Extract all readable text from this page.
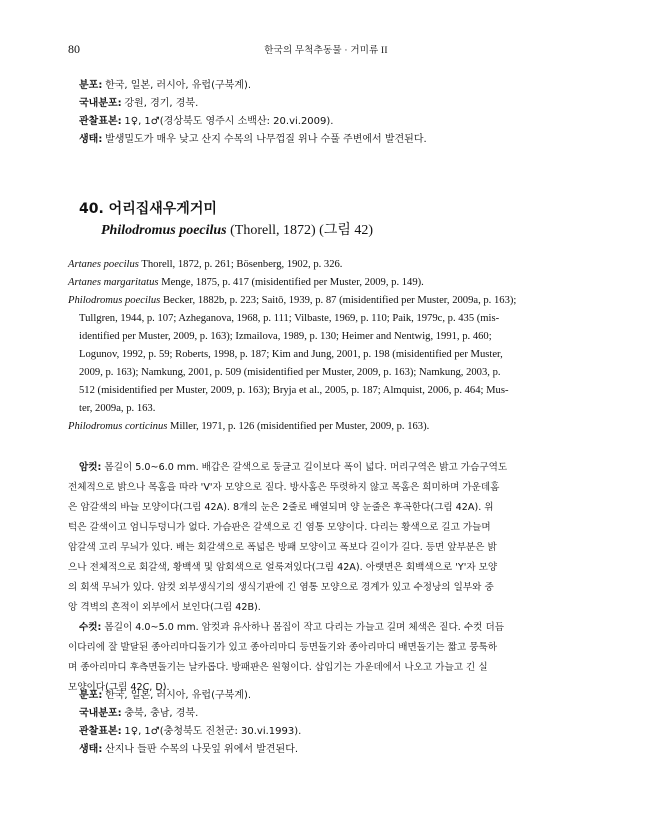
80	한국의 무척추동물 · 거미류 II
분포: 한국, 일본, 러시아, 유럽(구북계).
국내분포: 강원, 경기, 경북.
관찰표본: 1♀, 1♂(경상북도 영주시 소백산: 20.vi.2009).
생태: 발생밀도가 매우 낮고 산지 수목의 나무껍질 위나 수풀 주변에서 발견된다.
40. 어리집새우게거미
Philodromus poecilus (Thorell, 1872) (그림 42)
Artanes poecilus Thorell, 1872, p. 261; Bösenberg, 1902, p. 326.
Artanes margaritatus Menge, 1875, p. 417 (misidentified per Muster, 2009, p. 149).
Philodromus poecilus Becker, 1882b, p. 223; Saitō, 1939, p. 87 (misidentified per Muster, 2009a, p. 163);
Tullgren, 1944, p. 107; Azheganova, 1968, p. 111; Vilbaste, 1969, p. 110; Paik, 1979c, p. 435 (mis-
identified per Muster, 2009, p. 163); Izmailova, 1989, p. 130; Heimer and Nentwig, 1991, p. 460;
Logunov, 1992, p. 59; Roberts, 1998, p. 187; Kim and Jung, 2001, p. 198 (misidentified per Muster,
2009, p. 163); Namkung, 2001, p. 509 (misidentified per Muster, 2009, p. 163); Namkung, 2003, p.
512 (misidentified per Muster, 2009, p. 163); Bryja et al., 2005, p. 187; Almquist, 2006, p. 464; Mus-
ter, 2009a, p. 163.
Philodromus corticinus Miller, 1971, p. 126 (misidentified per Muster, 2009, p. 163).
암컷: 몸길이 5.0~6.0 mm. 배갑은 갈색으로 둥글고 길이보다 폭이 넓다. 머리구역은 밝고 가슴구역도
전체적으로 밝으나 목홈을 따라 'V'자 모양으로 짙다. 방사홈은 뚜렷하지 않고 목홈은 희미하며 가운데홈
은 암갈색의 바늘 모양이다(그림 42A). 8개의 눈은 2줄로 배열되며 양 눈줄은 후곡한다(그림 42A). 위
턱은 갈색이고 엄니두덩니가 없다. 가슴판은 갈색으로 긴 염통 모양이다. 다리는 황색으로 길고 가늘며
암갈색 고리 무늬가 있다. 배는 회갈색으로 폭넓은 방패 모양이고 폭보다 길이가 길다. 등면 앞부분은 밝
으나 전체적으로 회갈색, 황백색 및 암회색으로 얼룩져있다(그림 42A). 아랫면은 회백색으로 'Y'자 모양
의 회색 무늬가 있다. 암컷 외부생식기의 생식기판에 긴 염통 모양으로 경계가 있고 수정낭의 일부와 중
앙 격벽의 흔적이 외부에서 보인다(그림 42B).
수컷: 몸길이 4.0~5.0 mm. 암컷과 유사하나 몸집이 작고 다리는 가늘고 길며 체색은 짙다. 수컷 더듬
이다리에 잘 발달된 종아리마디돌기가 있고 종아리마디 등면돌기와 종아리마디 배면돌기는 짧고 뭉툭하
며 종아리마디 후측면돌기는 날카롭다. 방패판은 원형이다. 삽입기는 가운데에서 나오고 가늘고 긴 실
모양이다(그림 42C, D).
분포: 한국, 일본, 러시아, 유럽(구북계).
국내분포: 충북, 충남, 경북.
관찰표본: 1♀, 1♂(충청북도 진천군: 30.vi.1993).
생태: 산지나 들판 수목의 나뭇잎 위에서 발견된다.
